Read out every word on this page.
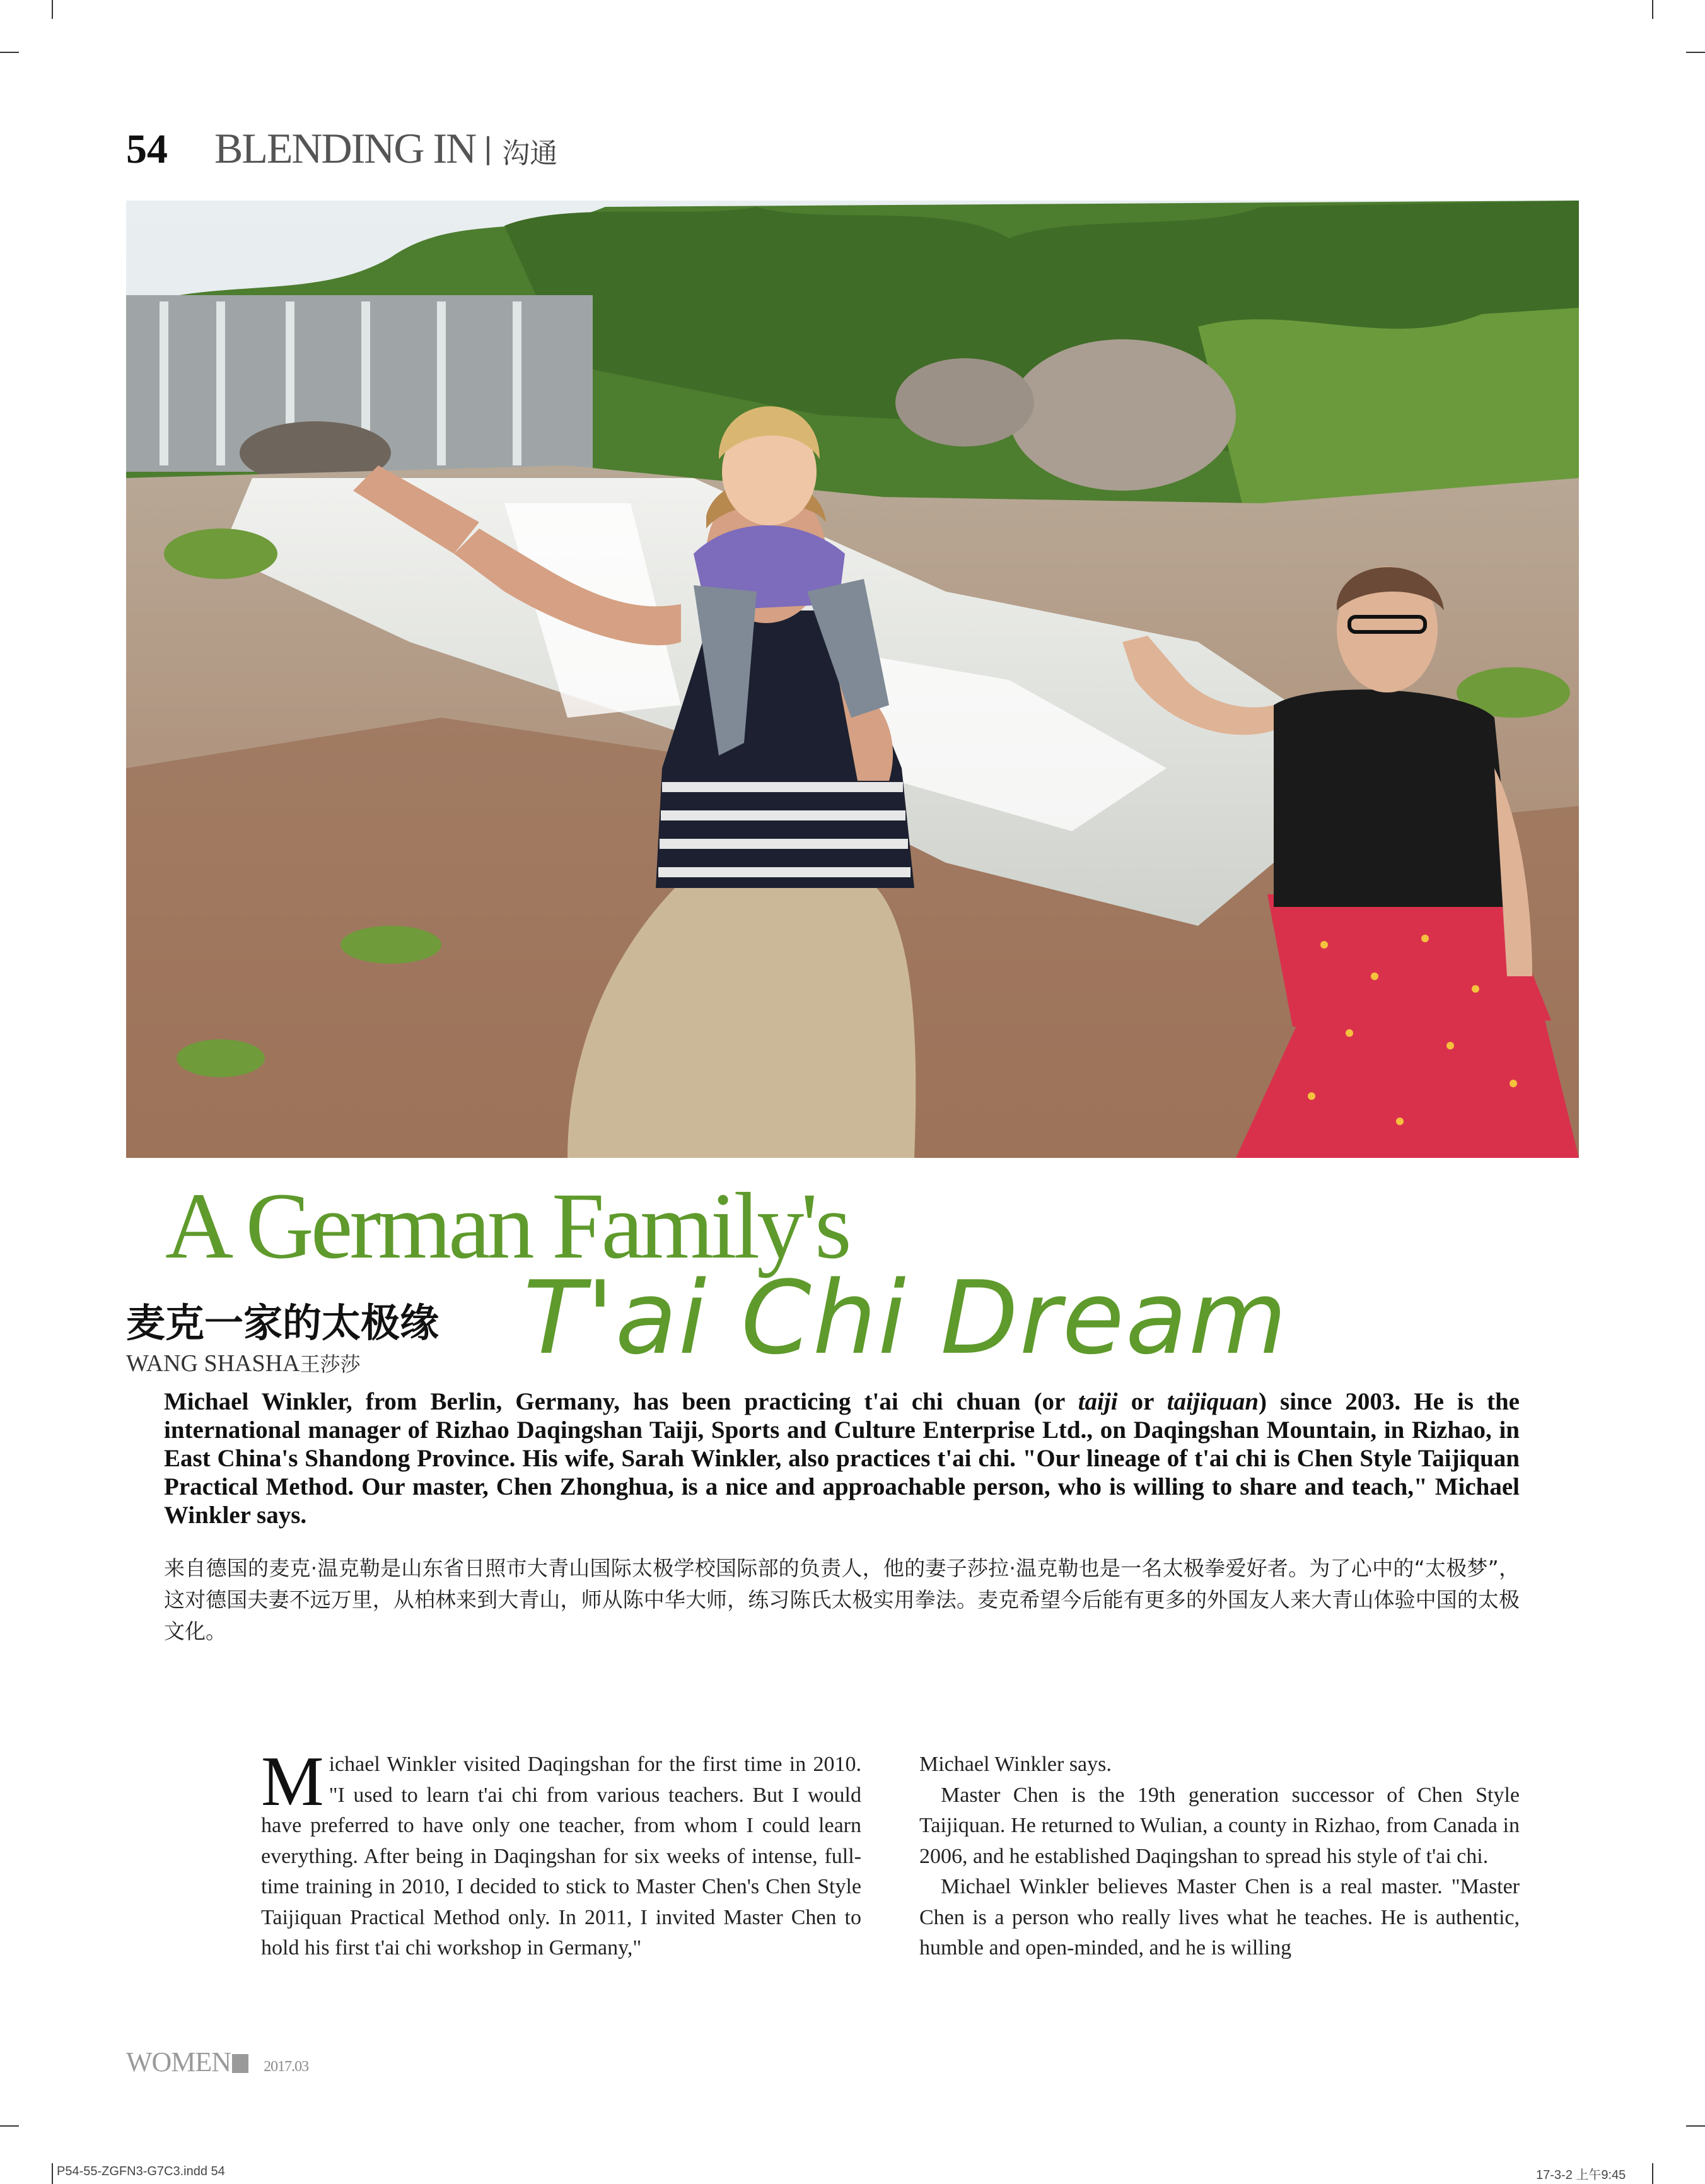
54 BLENDING IN 沟通
A German Family's
麦克一家的太极缘 T'ai Chi Dream
WANG SHASHA王莎莎
Michael Winkler, from Berlin, Germany, has been practicing t'ai chi chuan (or taiji or taijiquan) since 2003. He is the international manager of Rizhao Daqingshan Taiji, Sports and Culture Enterprise Ltd., on Daqingshan Mountain, in Rizhao, in East China's Shandong Province. His wife, Sarah Winkler, also practices t'ai chi. "Our lineage of t'ai chi is Chen Style Taijiquan Practical Method. Our master, Chen Zhonghua, is a nice and approachable person, who is willing to share and teach," Michael Winkler says.
来自德国的麦克·温克勒是山东省日照市大青山国际太极学校国际部的负责人，他的妻子莎拉·温克勒也是一名太极拳爱好者。为了心中的“太极梦”，这对德国夫妻不远万里，从柏林来到大青山，师从陈中华大师，练习陈氏太极实用拳法。麦克希望今后能有更多的外国友人来大青山体验中国的太极文化。

Michael Winkler visited Daqingshan for the first time in 2010. "I used to learn t'ai chi from various teachers. But I would have preferred to have only one teacher, from whom I could learn everything. After being in Daqingshan for six weeks of intense, full-time training in 2010, I decided to stick to Master Chen's Chen Style Taijiquan Practical Method only. In 2011, I invited Master Chen to hold his first t'ai chi workshop in Germany,"

Michael Winkler says.

Master Chen is the 19th generation successor of Chen Style Taijiquan. He returned to Wulian, a county in Rizhao, from Canada in 2006, and he established Daqingshan to spread his style of t'ai chi.

Michael Winkler believes Master Chen is a real master. "Master Chen is a person who really lives what he teaches. He is authentic, humble and open-minded, and he is willing

WOMEN 2017.03
P54-55-ZGFN3-G7C3.indd 54	17-3-2 上午9:45
